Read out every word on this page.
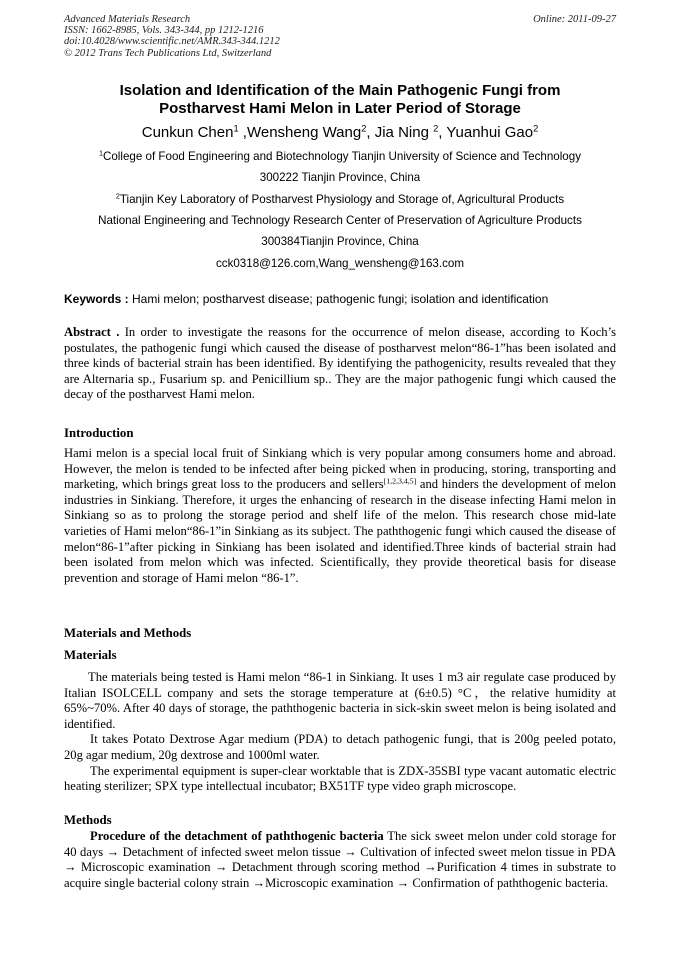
Advanced Materials Research
ISSN: 1662-8985, Vols. 343-344, pp 1212-1216
doi:10.4028/www.scientific.net/AMR.343-344.1212
© 2012 Trans Tech Publications Ltd, Switzerland
Online: 2011-09-27
Isolation and Identification of the Main Pathogenic Fungi from
Postharvest Hami Melon in Later Period of Storage
Cunkun Chen$^1$ ,Wensheng Wang$^2$, Jia Ning $^2$, Yuanhui Gao$^2$
$^1$College of Food Engineering and Biotechnology Tianjin University of Science and Technology
300222 Tianjin Province, China
$^2$Tianjin Key Laboratory of Postharvest Physiology and Storage of, Agricultural Products
National Engineering and Technology Research Center of Preservation of Agriculture Products
300384Tianjin Province, China
cck0318@126.com,Wang_wensheng@163.com
Keywords : Hami melon; postharvest disease; pathogenic fungi; isolation and identification
Abstract . In order to investigate the reasons for the occurrence of melon disease, according to Koch’s postulates, the pathogenic fungi which caused the disease of postharvest melon“86-1”has been isolated and three kinds of bacterial strain has been identified. By identifying the pathogenicity, results revealed that they are Alternaria sp., Fusarium sp. and Penicillium sp.. They are the major pathogenic fungi which caused the decay of the postharvest Hami melon.
Introduction
Hami melon is a special local fruit of Sinkiang which is very popular among consumers home and abroad. However, the melon is tended to be infected after being picked when in producing, storing, transporting and marketing, which brings great loss to the producers and sellers[1,2,3,4,5] and hinders the development of melon industries in Sinkiang. Therefore, it urges the enhancing of research in the disease infecting Hami melon in Sinkiang so as to prolong the storage period and shelf life of the melon. This research chose mid-late varieties of Hami melon“86-1”in Sinkiang as its subject. The paththogenic fungi which caused the disease of melon“86-1”after picking in Sinkiang has been isolated and identified.Three kinds of bacterial strain had been isolated from melon which was infected. Scientifically, they provide theoretical basis for disease prevention and storage of Hami melon “86-1”.
Materials and Methods
Materials

The materials being tested is Hami melon “86-1 in Sinkiang. It uses 1 m3 air regulate case produced by Italian ISOLCELL company and sets the storage temperature at (6±0.5) °C，the relative humidity at 65%~70%. After 40 days of storage, the paththogenic bacteria in sick-skin sweet melon is being isolated and identified.

It takes Potato Dextrose Agar medium (PDA) to detach pathogenic fungi, that is 200g peeled potato, 20g agar medium, 20g dextrose and 1000ml water.

The experimental equipment is super-clear worktable that is ZDX-35SBI type vacant automatic electric heating sterilizer; SPX type intellectual incubator; BX51TF type video graph microscope.

Methods

Procedure of the detachment of paththogenic bacteria The sick sweet melon under cold storage for 40 days → Detachment of infected sweet melon tissue → Cultivation of infected sweet melon tissue in PDA → Microscopic examination → Detachment through scoring method →Purification 4 times in substrate to acquire single bacterial colony strain →Microscopic examination → Confirmation of paththogenic bacteria.
